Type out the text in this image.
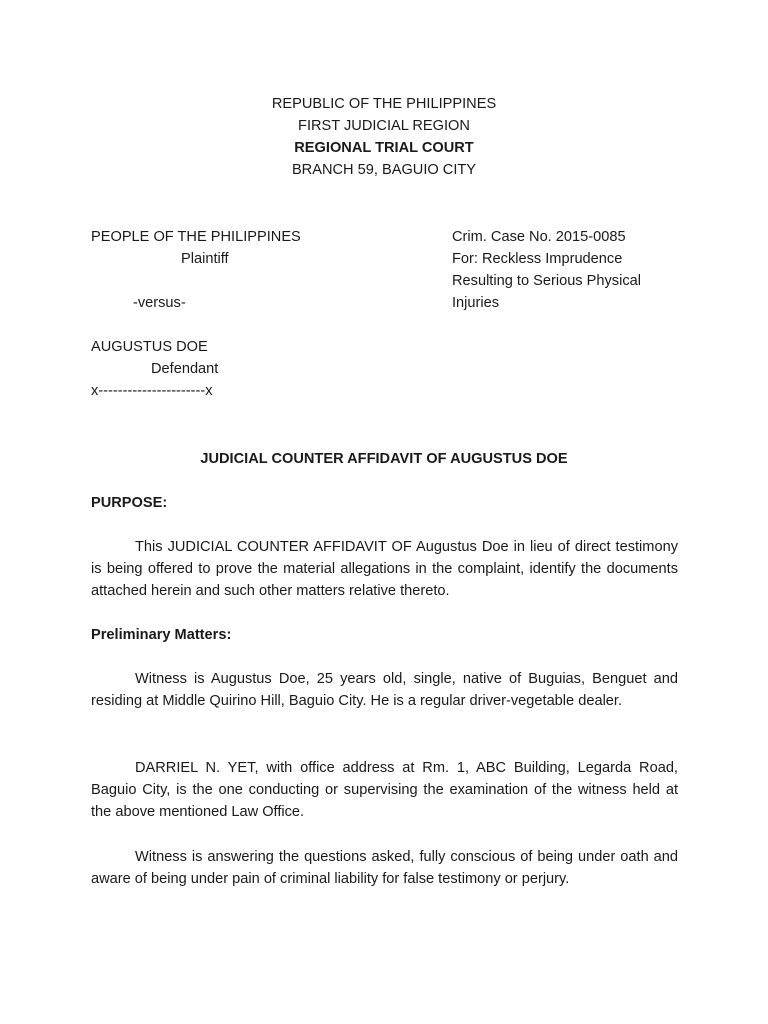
REPUBLIC OF THE PHILIPPINES
FIRST JUDICIAL REGION
REGIONAL TRIAL COURT
BRANCH 59, BAGUIO CITY
PEOPLE OF THE PHILIPPINES
Plaintiff
-versus-
AUGUSTUS DOE
Defendant
x----------------------x
Crim. Case No. 2015-0085
For: Reckless Imprudence
Resulting to Serious Physical
Injuries
JUDICIAL COUNTER AFFIDAVIT OF AUGUSTUS DOE
PURPOSE:
This JUDICIAL COUNTER AFFIDAVIT OF Augustus Doe in lieu of direct testimony is being offered to prove the material allegations in the complaint, identify the documents attached herein and such other matters relative thereto.
Preliminary Matters:
Witness is Augustus Doe, 25 years old, single, native of Buguias, Benguet and residing at Middle Quirino Hill, Baguio City. He is a regular driver-vegetable dealer.
DARRIEL N. YET, with office address at Rm. 1, ABC Building, Legarda Road, Baguio City, is the one conducting or supervising the examination of the witness held at the above mentioned Law Office.
Witness is answering the questions asked, fully conscious of being under oath and aware of being under pain of criminal liability for false testimony or perjury.
